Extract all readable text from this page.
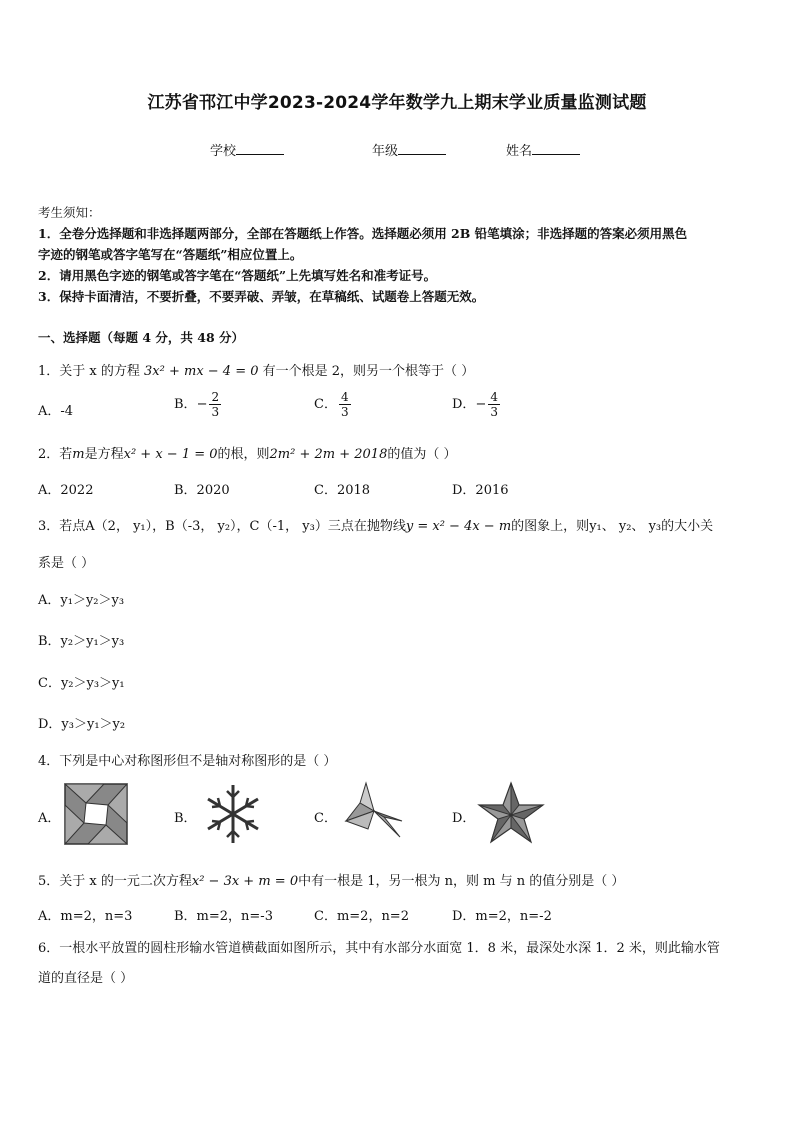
江苏省邗江中学2023-2024学年数学九上期末学业质量监测试题
学校	年级	姓名
考生须知：
1．全卷分选择题和非选择题两部分，全部在答题纸上作答。选择题必须用 2B 铅笔填涂；非选择题的答案必须用黑色
字迹的钢笔或答字笔写在“答题纸”相应位置上。
2．请用黑色字迹的钢笔或答字笔在“答题纸”上先填写姓名和准考证号。
3．保持卡面清洁，不要折叠，不要弄破、弄皱，在草稿纸、试题卷上答题无效。
一、选择题（每题 4 分，共 48 分）
1．关于 x 的方程 3x² + mx − 4 = 0 有一个根是 2，则另一个根等于（ ）
A．-4	B．− $\frac{2}{3}$	C． $\frac{4}{3}$	D．− $\frac{4}{3}$
2．若m是方程x² + x − 1 = 0的根，则2m² + 2m + 2018的值为（ ）
A．2022	B．2020	C．2018	D．2016
3．若点A（2， y₁），B（-3， y₂），C（-1， y₃）三点在抛物线y = x² − 4x − m的图象上，则y₁、 y₂、 y₃的大小关
系是（ ）
A．y₁＞y₂＞y₃
B．y₂＞y₁＞y₃
C．y₂＞y₃＞y₁
D．y₃＞y₁＞y₂
4．下列是中心对称图形但不是轴对称图形的是（ ）
A．	B．	C．	D．
5．关于 x 的一元二次方程x² − 3x + m = 0中有一根是 1，另一根为 n，则 m 与 n 的值分别是（ ）
A．m=2，n=3	B．m=2，n=-3	C．m=2，n=2	D．m=2，n=-2
6．一根水平放置的圆柱形输水管道横截面如图所示，其中有水部分水面宽 1．8 米，最深处水深 1．2 米，则此输水管
道的直径是（ ）
